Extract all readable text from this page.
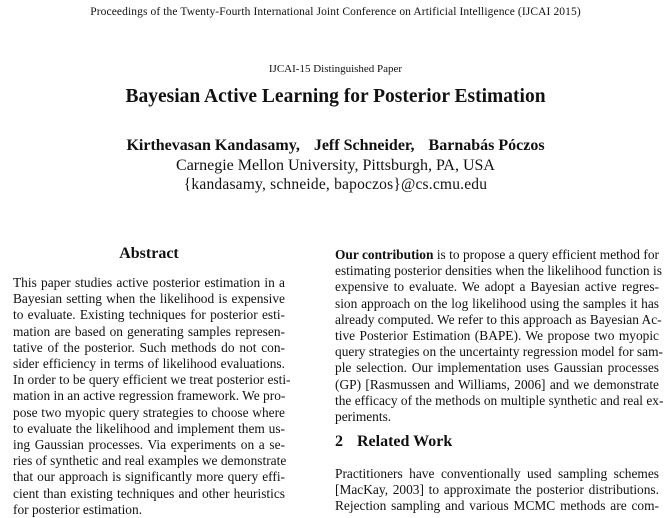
Proceedings of the Twenty-Fourth International Joint Conference on Artificial Intelligence (IJCAI 2015)
IJCAI-15 Distinguished Paper
Bayesian Active Learning for Posterior Estimation
Kirthevasan Kandasamy, Jeff Schneider, Barnabás Póczos
Carnegie Mellon University, Pittsburgh, PA, USA
{kandasamy, schneide, bapoczos}@cs.cmu.edu
Abstract
This paper studies active posterior estimation in a
Bayesian setting when the likelihood is expensive
to evaluate. Existing techniques for posterior esti-
mation are based on generating samples represen-
tative of the posterior. Such methods do not con-
sider efficiency in terms of likelihood evaluations.
In order to be query efficient we treat posterior esti-
mation in an active regression framework. We pro-
pose two myopic query strategies to choose where
to evaluate the likelihood and implement them us-
ing Gaussian processes. Via experiments on a se-
ries of synthetic and real examples we demonstrate
that our approach is significantly more query effi-
cient than existing techniques and other heuristics
for posterior estimation.
Our contribution is to propose a query efficient method for
estimating posterior densities when the likelihood function is
expensive to evaluate. We adopt a Bayesian active regres-
sion approach on the log likelihood using the samples it has
already computed. We refer to this approach as Bayesian Ac-
tive Posterior Estimation (BAPE). We propose two myopic
query strategies on the uncertainty regression model for sam-
ple selection. Our implementation uses Gaussian processes
(GP) [Rasmussen and Williams, 2006] and we demonstrate
the efficacy of the methods on multiple synthetic and real ex-
periments.
2 Related Work
Practitioners have conventionally used sampling schemes
[MacKay, 2003] to approximate the posterior distributions.
Rejection sampling and various MCMC methods are com-
